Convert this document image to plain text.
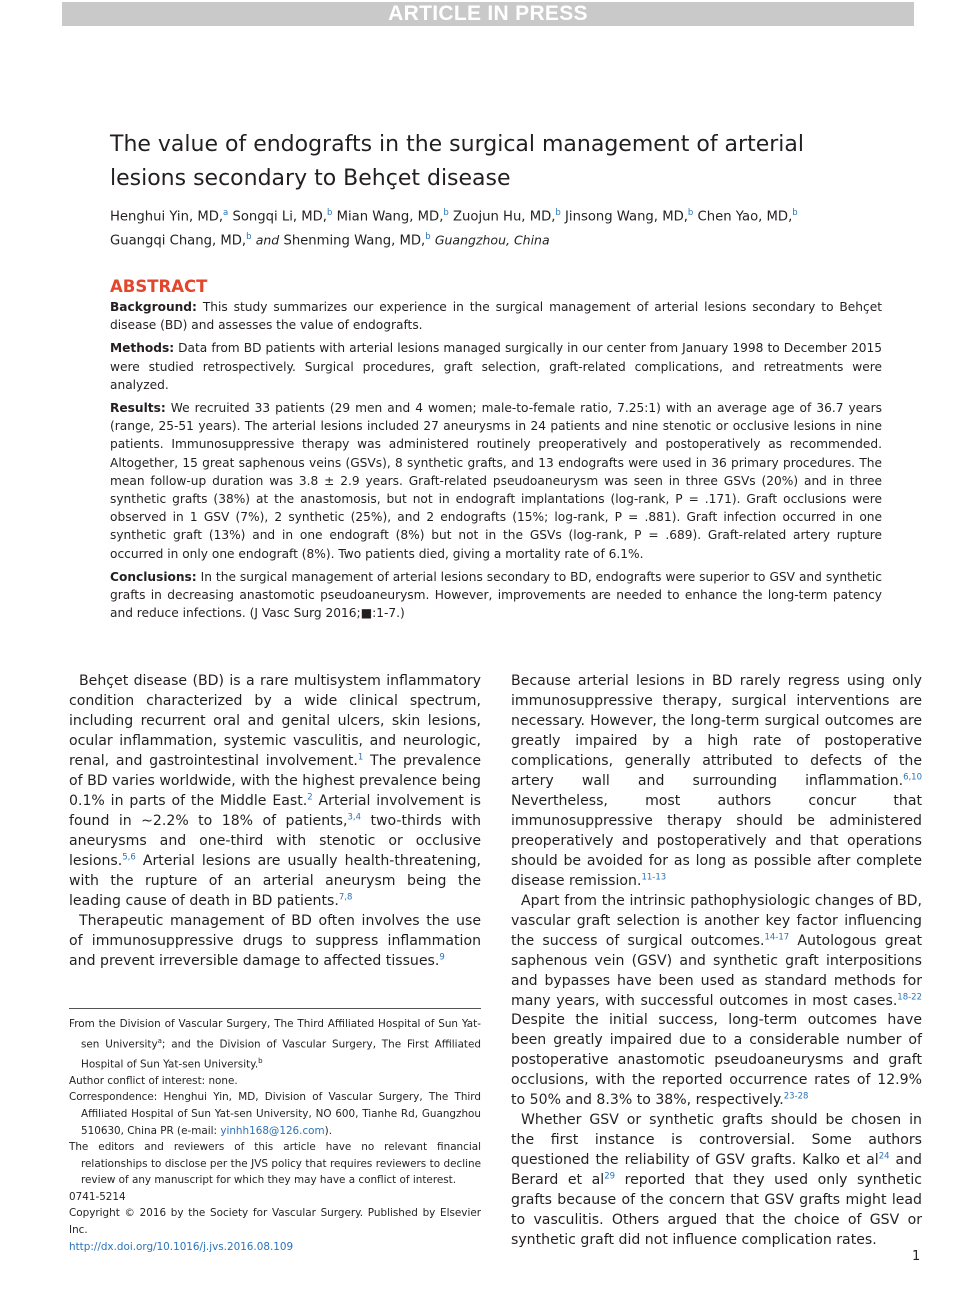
ARTICLE IN PRESS
The value of endografts in the surgical management of arterial lesions secondary to Behçet disease

Henghui Yin, MD,$^a$ Songqi Li, MD,$^b$ Mian Wang, MD,$^b$ Zuojun Hu, MD,$^b$ Jinsong Wang, MD,$^b$ Chen Yao, MD,$^b$
Guangqi Chang, MD,$^b$ and Shenming Wang, MD,$^b$ Guangzhou, China

ABSTRACT

Background: This study summarizes our experience in the surgical management of arterial lesions secondary to Behçet disease (BD) and assesses the value of endografts.

Methods: Data from BD patients with arterial lesions managed surgically in our center from January 1998 to December 2015 were studied retrospectively. Surgical procedures, graft selection, graft-related complications, and retreatments were analyzed.

Results: We recruited 33 patients (29 men and 4 women; male-to-female ratio, 7.25:1) with an average age of 36.7 years (range, 25-51 years). The arterial lesions included 27 aneurysms in 24 patients and nine stenotic or occlusive lesions in nine patients. Immunosuppressive therapy was administered routinely preoperatively and postoperatively as recommended. Altogether, 15 great saphenous veins (GSVs), 8 synthetic grafts, and 13 endografts were used in 36 primary procedures. The mean follow-up duration was 3.8 ± 2.9 years. Graft-related pseudoaneurysm was seen in three GSVs (20%) and in three synthetic grafts (38%) at the anastomosis, but not in endograft implantations (log-rank, P = .171). Graft occlusions were observed in 1 GSV (7%), 2 synthetic (25%), and 2 endografts (15%; log-rank, P = .881). Graft infection occurred in one synthetic graft (13%) and in one endograft (8%) but not in the GSVs (log-rank, P = .689). Graft-related artery rupture occurred in only one endograft (8%). Two patients died, giving a mortality rate of 6.1%.

Conclusions: In the surgical management of arterial lesions secondary to BD, endografts were superior to GSV and synthetic grafts in decreasing anastomotic pseudoaneurysm. However, improvements are needed to enhance the long-term patency and reduce infections. (J Vasc Surg 2016;■:1-7.)

Behçet disease (BD) is a rare multisystem inflammatory condition characterized by a wide clinical spectrum, including recurrent oral and genital ulcers, skin lesions, ocular inflammation, systemic vasculitis, and neurologic, renal, and gastrointestinal involvement.$^1$ The prevalence of BD varies worldwide, with the highest prevalence being 0.1% in parts of the Middle East.$^2$ Arterial involvement is found in ∼2.2% to 18% of patients,$^{3,4}$ two-thirds with aneurysms and one-third with stenotic or occlusive lesions.$^{5,6}$ Arterial lesions are usually health-threatening, with the rupture of an arterial aneurysm being the leading cause of death in BD patients.$^{7,8}$

Therapeutic management of BD often involves the use of immunosuppressive drugs to suppress inflammation and prevent irreversible damage to affected tissues.$^9$

From the Division of Vascular Surgery, The Third Affiliated Hospital of Sun Yat-sen University$^a$; and the Division of Vascular Surgery, The First Affiliated Hospital of Sun Yat-sen University.$^b$

Author conflict of interest: none.

Correspondence: Henghui Yin, MD, Division of Vascular Surgery, The Third Affiliated Hospital of Sun Yat-sen University, NO 600, Tianhe Rd, Guangzhou 510630, China PR (e-mail: yinhh168@126.com).

The editors and reviewers of this article have no relevant financial relationships to disclose per the JVS policy that requires reviewers to decline review of any manuscript for which they may have a conflict of interest.

0741-5214

Copyright © 2016 by the Society for Vascular Surgery. Published by Elsevier Inc.

http://dx.doi.org/10.1016/j.jvs.2016.08.109

Because arterial lesions in BD rarely regress using only immunosuppressive therapy, surgical interventions are necessary. However, the long-term surgical outcomes are greatly impaired by a high rate of postoperative complications, generally attributed to defects of the artery wall and surrounding inflammation.$^{6,10}$ Nevertheless, most authors concur that immunosuppressive therapy should be administered preoperatively and postoperatively and that operations should be avoided for as long as possible after complete disease remission.$^{11-13}$

Apart from the intrinsic pathophysiologic changes of BD, vascular graft selection is another key factor influencing the success of surgical outcomes.$^{14-17}$ Autologous great saphenous vein (GSV) and synthetic graft interpositions and bypasses have been used as standard methods for many years, with successful outcomes in most cases.$^{18-22}$ Despite the initial success, long-term outcomes have been greatly impaired due to a considerable number of postoperative anastomotic pseudoaneurysms and graft occlusions, with the reported occurrence rates of 12.9% to 50% and 8.3% to 38%, respectively.$^{23-28}$

Whether GSV or synthetic grafts should be chosen in the first instance is controversial. Some authors questioned the reliability of GSV grafts. Kalko et al$^{24}$ and Berard et al$^{29}$ reported that they used only synthetic grafts because of the concern that GSV grafts might lead to vasculitis. Others argued that the choice of GSV or synthetic graft did not influence complication rates.

1
